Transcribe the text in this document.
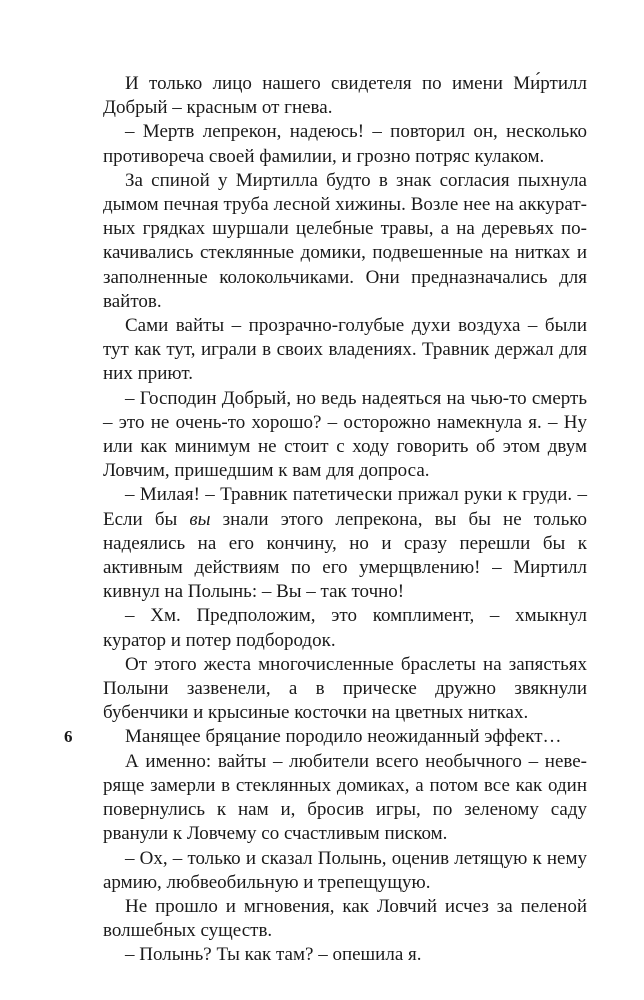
И только лицо нашего свидетеля по имени Ми́ртилл Добрый – красным от гнева.

– Мертв лепрекон, надеюсь! – повторил он, несколько противореча своей фамилии, и грозно потряс кулаком.

За спиной у Миртилла будто в знак согласия пыхнула дымом печная труба лесной хижины. Возле нее на аккуратных грядках шуршали целебные травы, а на деревьях покачивались стеклянные домики, подвешенные на нитках и заполненные колокольчиками. Они предназначались для вайтов.

Сами вайты – прозрачно-голубые духи воздуха – были тут как тут, играли в своих владениях. Травник держал для них приют.

– Господин Добрый, но ведь надеяться на чью-то смерть – это не очень-то хорошо? – осторожно намекнула я. – Ну или как минимум не стоит с ходу говорить об этом двум Ловчим, пришедшим к вам для допроса.

– Милая! – Травник патетически прижал руки к груди. – Если бы вы знали этого лепрекона, вы бы не только надеялись на его кончину, но и сразу перешли бы к активным действиям по его умерщвлению! – Миртилл кивнул на Полынь: – Вы – так точно!

– Хм. Предположим, это комплимент, – хмыкнул куратор и потер подбородок.

От этого жеста многочисленные браслеты на запястьях Полыни зазвенели, а в прическе дружно звякнули бубенчики и крысиные косточки на цветных нитках.

Манящее бряцание породило неожиданный эффект…

А именно: вайты – любители всего необычного – неверяще замерли в стеклянных домиках, а потом все как один повернулись к нам и, бросив игры, по зеленому саду рванули к Ловчему со счастливым писком.

– Ох, – только и сказал Полынь, оценив летящую к нему армию, любвеобильную и трепещущую.

Не прошло и мгновения, как Ловчий исчез за пеленой волшебных существ.

– Полынь? Ты как там? – опешила я.

6
